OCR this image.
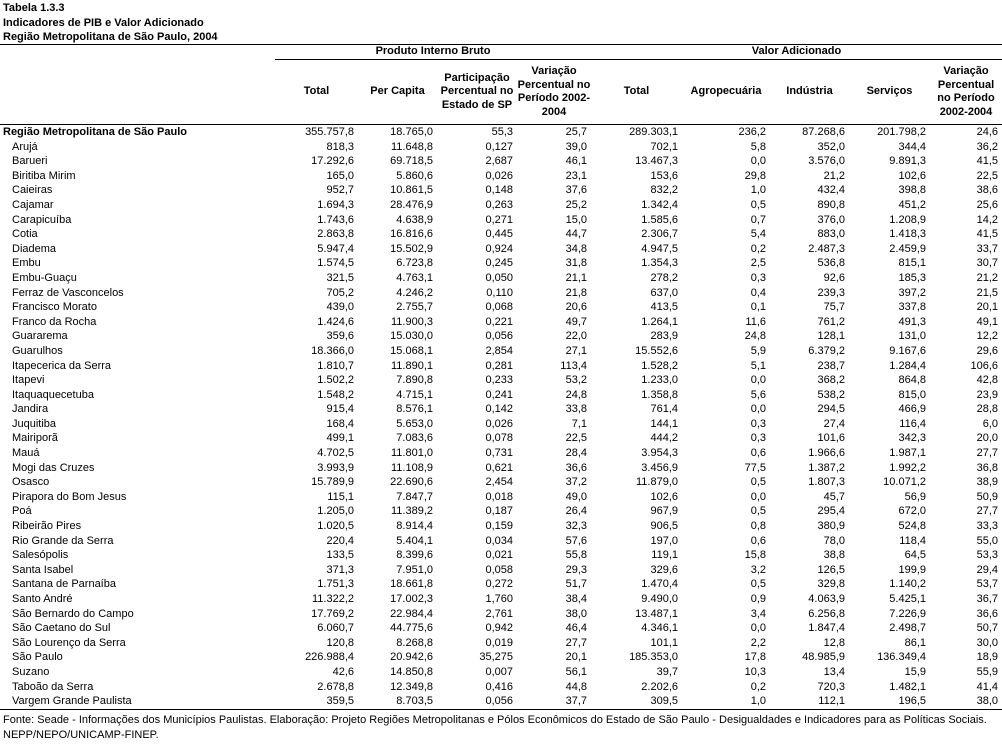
Tabela 1.3.3
Indicadores de PIB e Valor Adicionado
Região Metropolitana de São Paulo, 2004
	Produto Interno Bruto				Valor Adicionado				
	Total	Per Capita	Participação Percentual no Estado de SP	Variação Percentual no Período 2002-2004	Total	Agropecuária	Indústria	Serviços	Variação Percentual no Período 2002-2004
Região Metropolitana de São Paulo	355.757,8	18.765,0	55,3	25,7	289.303,1	236,2	87.268,6	201.798,2	24,6
Arujá	818,3	11.648,8	0,127	39,0	702,1	5,8	352,0	344,4	36,2
Barueri	17.292,6	69.718,5	2,687	46,1	13.467,3	0,0	3.576,0	9.891,3	41,5
Biritiba Mirim	165,0	5.860,6	0,026	23,1	153,6	29,8	21,2	102,6	22,5
Caieiras	952,7	10.861,5	0,148	37,6	832,2	1,0	432,4	398,8	38,6
Cajamar	1.694,3	28.476,9	0,263	25,2	1.342,4	0,5	890,8	451,2	25,6
Carapicuíba	1.743,6	4.638,9	0,271	15,0	1.585,6	0,7	376,0	1.208,9	14,2
Cotia	2.863,8	16.816,6	0,445	44,7	2.306,7	5,4	883,0	1.418,3	41,5
Diadema	5.947,4	15.502,9	0,924	34,8	4.947,5	0,2	2.487,3	2.459,9	33,7
Embu	1.574,5	6.723,8	0,245	31,8	1.354,3	2,5	536,8	815,1	30,7
Embu-Guaçu	321,5	4.763,1	0,050	21,1	278,2	0,3	92,6	185,3	21,2
Ferraz de Vasconcelos	705,2	4.246,2	0,110	21,8	637,0	0,4	239,3	397,2	21,5
Francisco Morato	439,0	2.755,7	0,068	20,6	413,5	0,1	75,7	337,8	20,1
Franco da Rocha	1.424,6	11.900,3	0,221	49,7	1.264,1	11,6	761,2	491,3	49,1
Guararema	359,6	15.030,0	0,056	22,0	283,9	24,8	128,1	131,0	12,2
Guarulhos	18.366,0	15.068,1	2,854	27,1	15.552,6	5,9	6.379,2	9.167,6	29,6
Itapecerica da Serra	1.810,7	11.890,1	0,281	113,4	1.528,2	5,1	238,7	1.284,4	106,6
Itapevi	1.502,2	7.890,8	0,233	53,2	1.233,0	0,0	368,2	864,8	42,8
Itaquaquecetuba	1.548,2	4.715,1	0,241	24,8	1.358,8	5,6	538,2	815,0	23,9
Jandira	915,4	8.576,1	0,142	33,8	761,4	0,0	294,5	466,9	28,8
Juquitiba	168,4	5.653,0	0,026	7,1	144,1	0,3	27,4	116,4	6,0
Mairiporã	499,1	7.083,6	0,078	22,5	444,2	0,3	101,6	342,3	20,0
Mauá	4.702,5	11.801,0	0,731	28,4	3.954,3	0,6	1.966,6	1.987,1	27,7
Mogi das Cruzes	3.993,9	11.108,9	0,621	36,6	3.456,9	77,5	1.387,2	1.992,2	36,8
Osasco	15.789,9	22.690,6	2,454	37,2	11.879,0	0,5	1.807,3	10.071,2	38,9
Pirapora do Bom Jesus	115,1	7.847,7	0,018	49,0	102,6	0,0	45,7	56,9	50,9
Poá	1.205,0	11.389,2	0,187	26,4	967,9	0,5	295,4	672,0	27,7
Ribeirão Pires	1.020,5	8.914,4	0,159	32,3	906,5	0,8	380,9	524,8	33,3
Rio Grande da Serra	220,4	5.404,1	0,034	57,6	197,0	0,6	78,0	118,4	55,0
Salesópolis	133,5	8.399,6	0,021	55,8	119,1	15,8	38,8	64,5	53,3
Santa Isabel	371,3	7.951,0	0,058	29,3	329,6	3,2	126,5	199,9	29,4
Santana de Parnaíba	1.751,3	18.661,8	0,272	51,7	1.470,4	0,5	329,8	1.140,2	53,7
Santo André	11.322,2	17.002,3	1,760	38,4	9.490,0	0,9	4.063,9	5.425,1	36,7
São Bernardo do Campo	17.769,2	22.984,4	2,761	38,0	13.487,1	3,4	6.256,8	7.226,9	36,6
São Caetano do Sul	6.060,7	44.775,6	0,942	46,4	4.346,1	0,0	1.847,4	2.498,7	50,7
São Lourenço da Serra	120,8	8.268,8	0,019	27,7	101,1	2,2	12,8	86,1	30,0
São Paulo	226.988,4	20.942,6	35,275	20,1	185.353,0	17,8	48.985,9	136.349,4	18,9
Suzano	42,6	14.850,8	0,007	56,1	39,7	10,3	13,4	15,9	55,9
Taboão da Serra	2.678,8	12.349,8	0,416	44,8	2.202,6	0,2	720,3	1.482,1	41,4
Vargem Grande Paulista	359,5	8.703,5	0,056	37,7	309,5	1,0	112,1	196,5	38,0
Fonte: Seade - Informações dos Municípios Paulistas. Elaboração: Projeto Regiões Metropolitanas e Pólos Econômicos do Estado de São Paulo - Desigualdades e Indicadores para as Políticas Sociais. NEPP/NEPO/UNICAMP-FINEP.
